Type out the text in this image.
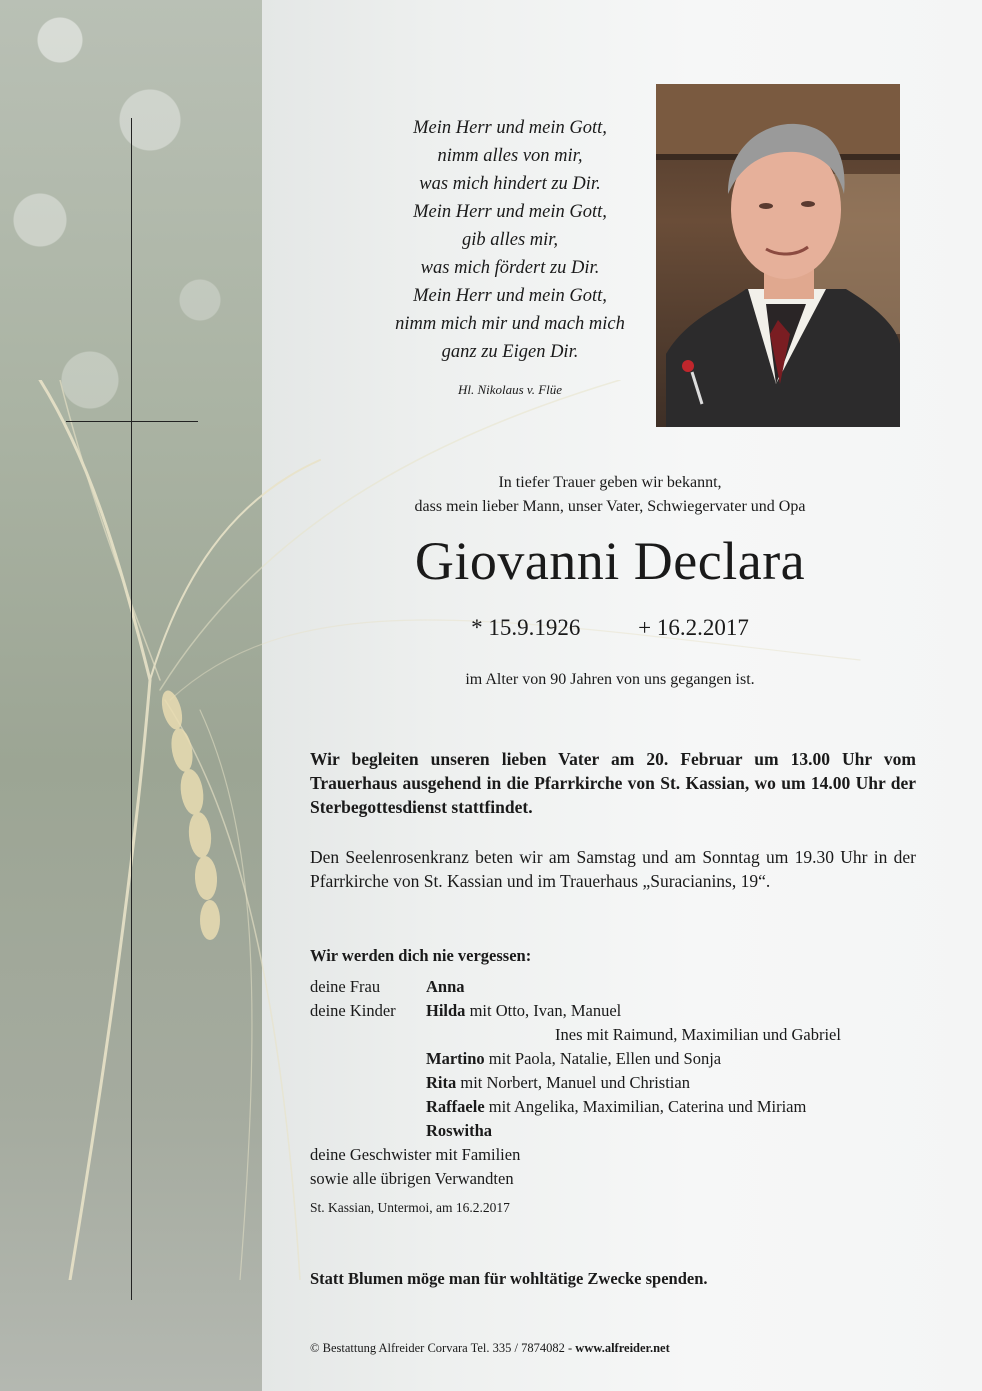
Mein Herr und mein Gott,
nimm alles von mir,
was mich hindert zu Dir.
Mein Herr und mein Gott,
gib alles mir,
was mich fördert zu Dir.
Mein Herr und mein Gott,
nimm mich mir und mach mich
ganz zu Eigen Dir.
Hl. Nikolaus v. Flüe
In tiefer Trauer geben wir bekannt,
dass mein lieber Mann, unser Vater, Schwiegervater und Opa
Giovanni Declara
* 15.9.1926	+ 16.2.2017
im Alter von 90 Jahren von uns gegangen ist.
Wir begleiten unseren lieben Vater am 20. Februar um 13.00 Uhr vom Trauerhaus ausgehend in die Pfarrkirche von St. Kassian, wo um 14.00 Uhr der Sterbegottesdienst stattfindet.
Den Seelenrosenkranz beten wir am Samstag und am Sonntag um 19.30 Uhr in der Pfarrkirche von St. Kassian und im Trauerhaus „Suracianins, 19“.
Wir werden dich nie vergessen:
deine Frau	Anna
deine Kinder Hilda mit Otto, Ivan, Manuel
Ines mit Raimund, Maximilian und Gabriel
Martino mit Paola, Natalie, Ellen und Sonja
Rita mit Norbert, Manuel und Christian
Raffaele mit Angelika, Maximilian, Caterina und Miriam
Roswitha
deine Geschwister mit Familien
sowie alle übrigen Verwandten
St. Kassian, Untermoi, am 16.2.2017
Statt Blumen möge man für wohltätige Zwecke spenden.
© Bestattung Alfreider Corvara Tel. 335 / 7874082 - www.alfreider.net
